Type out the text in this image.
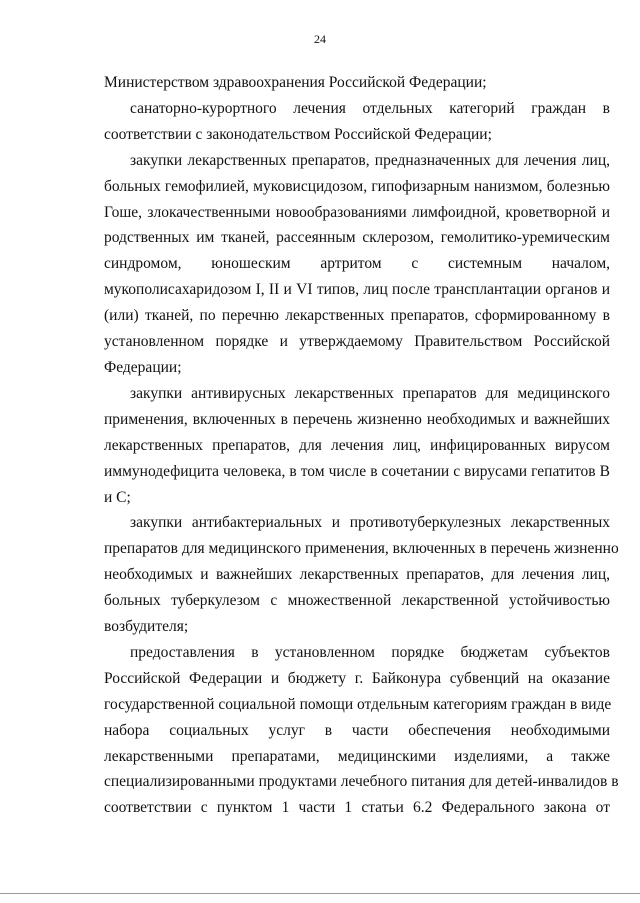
24

Министерством здравоохранения Российской Федерации;

санаторно-курортного лечения отдельных категорий граждан в
соответствии с законодательством Российской Федерации;

закупки лекарственных препаратов, предназначенных для лечения лиц,
больных гемофилией, муковисцидозом, гипофизарным нанизмом, болезнью
Гоше, злокачественными новообразованиями лимфоидной, кроветворной и
родственных им тканей, рассеянным склерозом, гемолитико-уремическим
синдромом, юношеским артритом с системным началом,
мукополисахаридозом I, II и VI типов, лиц после трансплантации органов и
(или) тканей, по перечню лекарственных препаратов, сформированному в
установленном порядке и утверждаемому Правительством Российской
Федерации;

закупки антивирусных лекарственных препаратов для медицинского
применения, включенных в перечень жизненно необходимых и важнейших
лекарственных препаратов, для лечения лиц, инфицированных вирусом
иммунодефицита человека, в том числе в сочетании с вирусами гепатитов В
и С;

закупки антибактериальных и противотуберкулезных лекарственных
препаратов для медицинского применения, включенных в перечень жизненно
необходимых и важнейших лекарственных препаратов, для лечения лиц,
больных туберкулезом с множественной лекарственной устойчивостью
возбудителя;

предоставления в установленном порядке бюджетам субъектов
Российской Федерации и бюджету г. Байконура субвенций на оказание
государственной социальной помощи отдельным категориям граждан в виде
набора социальных услуг в части обеспечения необходимыми
лекарственными препаратами, медицинскими изделиями, а также
специализированными продуктами лечебного питания для детей-инвалидов в
соответствии с пунктом 1 части 1 статьи 6.2 Федерального закона от
